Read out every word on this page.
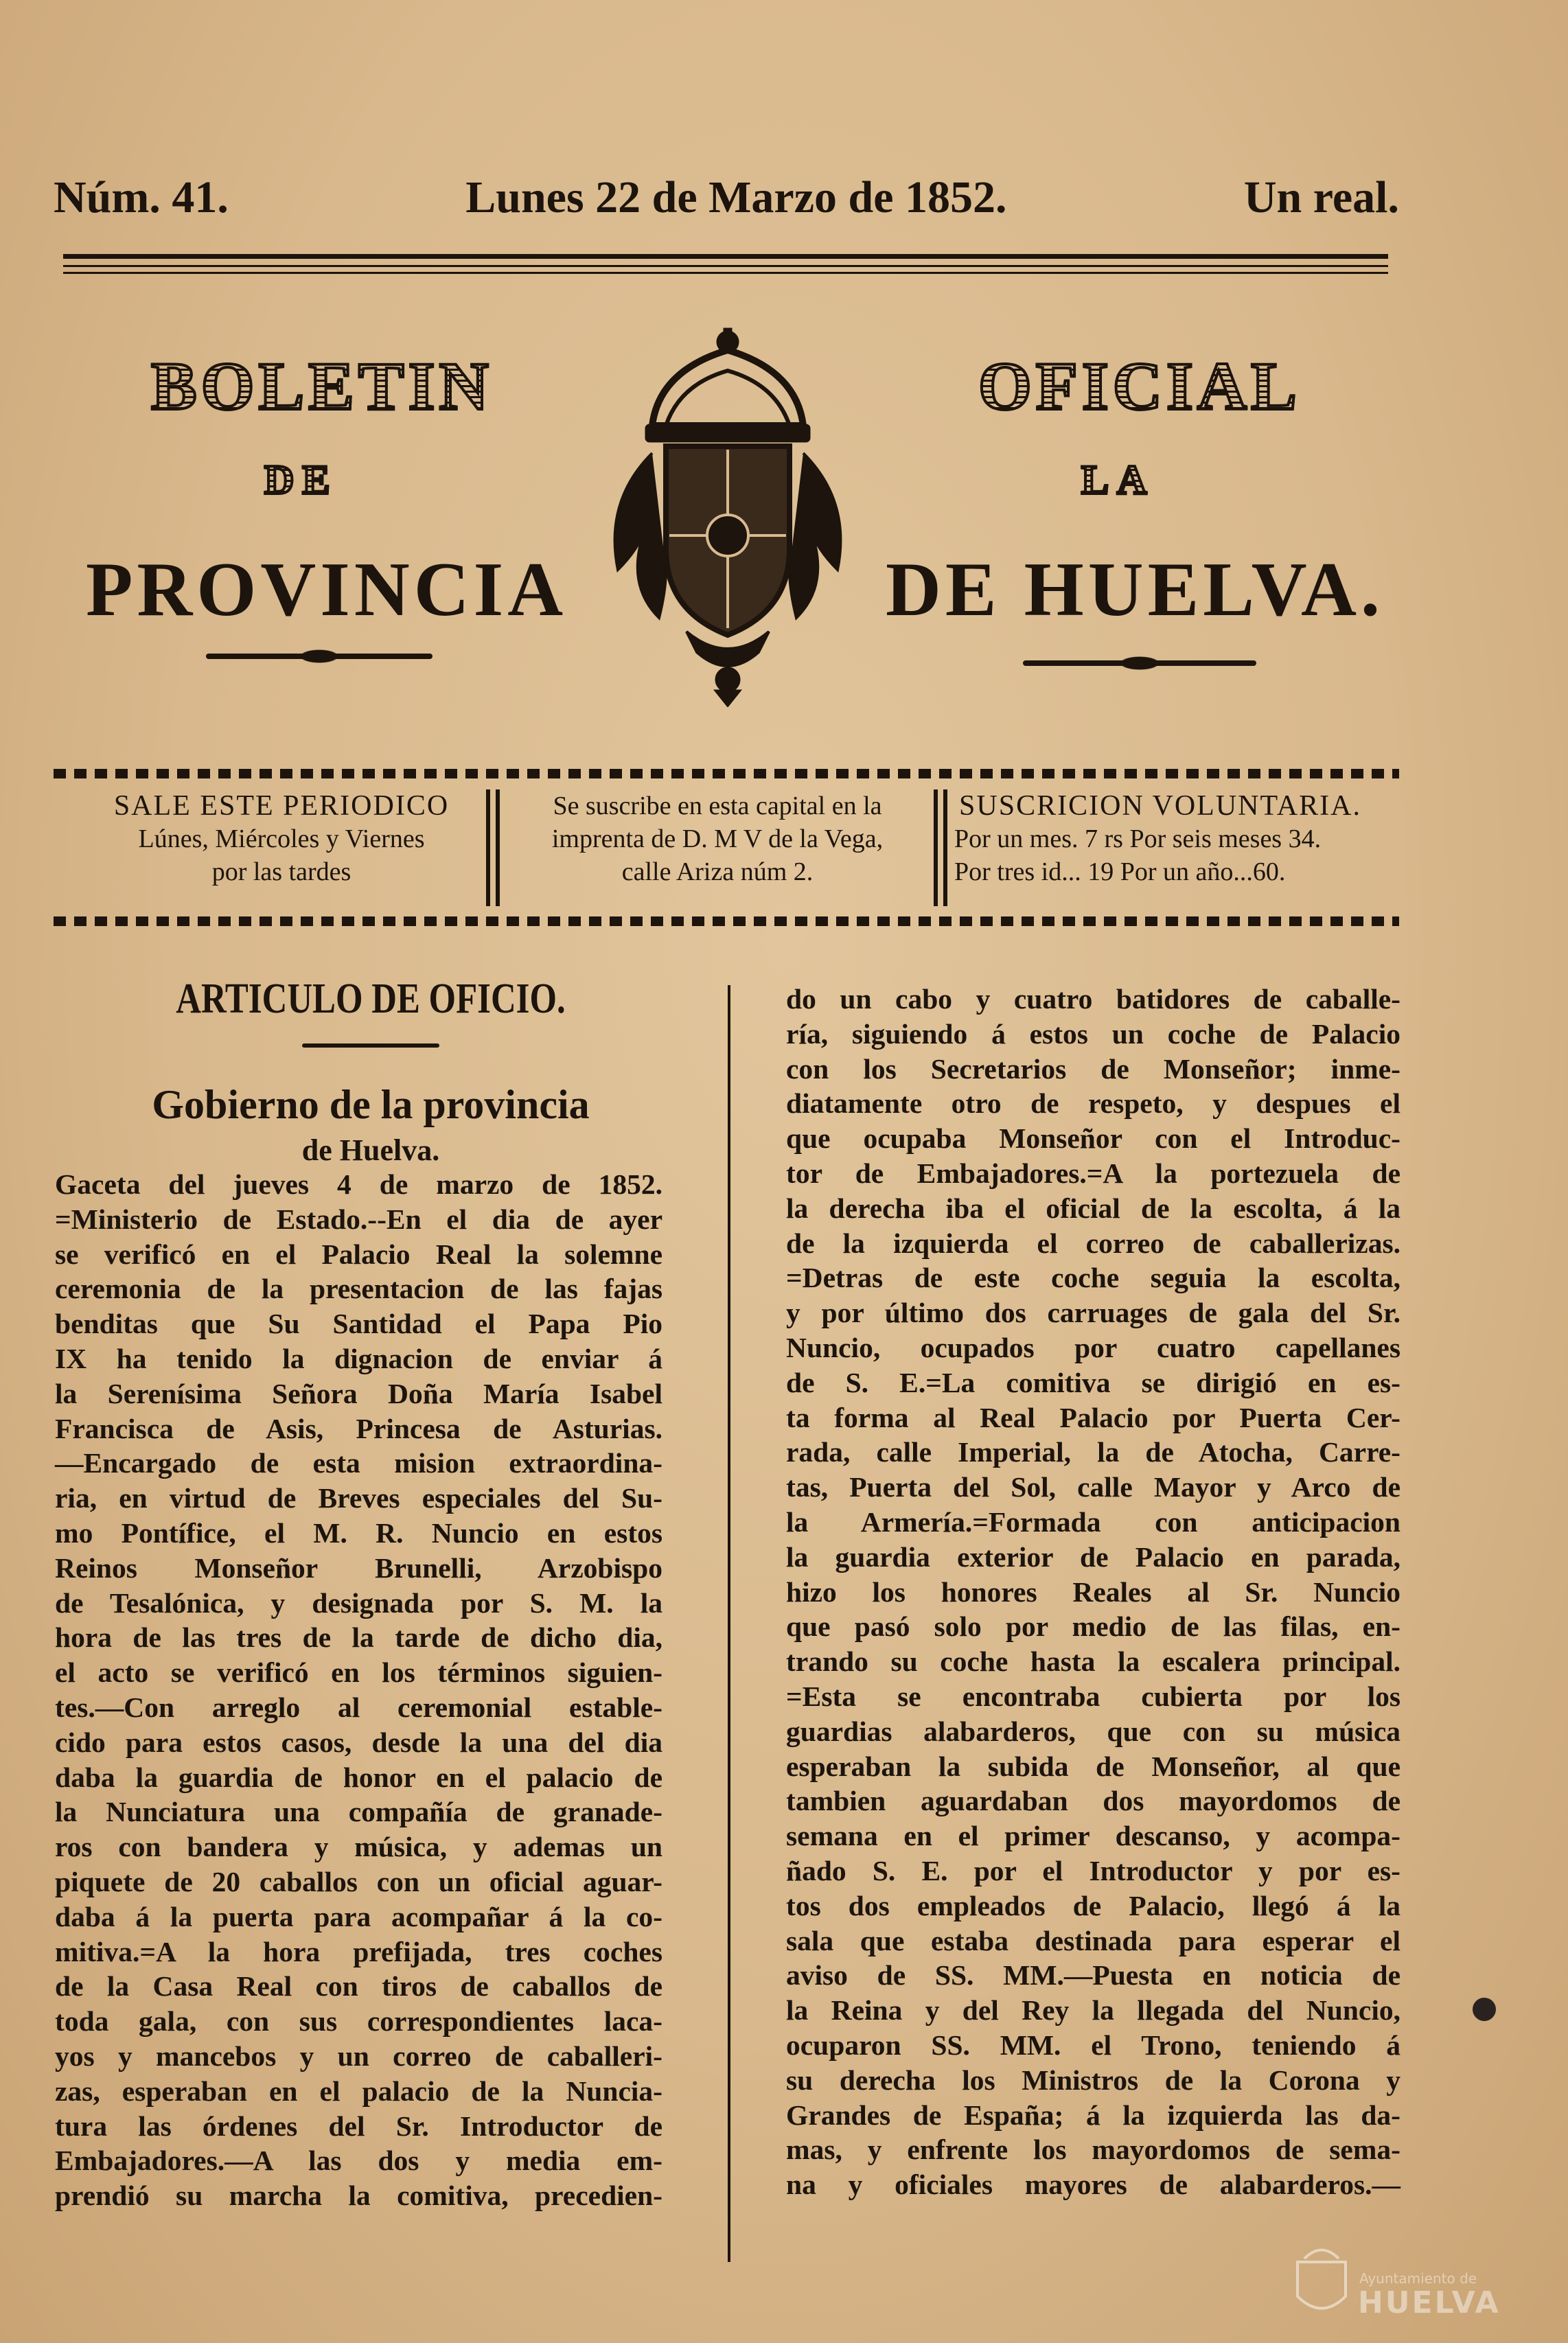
Núm. 41.	Lunes 22 de Marzo de 1852.	Un real.
BOLETIN	OFICIAL
DE	LA
PROVINCIA	DE HUELVA.
SALE ESTE PERIODICO
Lúnes, Miércoles y Viernes
por las tardes
Se suscribe en esta capital en la
imprenta de D. M V de la Vega,
calle Ariza núm 2.
SUSCRICION VOLUNTARIA.
Por un mes. 7 rs Por seis meses 34.
Por tres id... 19 Por un año...60.
ARTICULO DE OFICIO.
Gobierno de la provincia
de Huelva.

Gaceta del jueves 4 de marzo de 1852.

=Ministerio de Estado.--En el dia de ayer

se verificó en el Palacio Real la solemne

ceremonia de la presentacion de las fajas

benditas que Su Santidad el Papa Pio

IX ha tenido la dignacion de enviar á

la Serenísima Señora Doña María Isabel

Francisca de Asis, Princesa de Asturias.

—Encargado de esta mision extraordina-

ria, en virtud de Breves especiales del Su-

mo Pontífice, el M. R. Nuncio en estos

Reinos Monseñor Brunelli, Arzobispo

de Tesalónica, y designada por S. M. la

hora de las tres de la tarde de dicho dia,

el acto se verificó en los términos siguien-

tes.—Con arreglo al ceremonial estable-

cido para estos casos, desde la una del dia

daba la guardia de honor en el palacio de

la Nunciatura una compañía de granade-

ros con bandera y música, y ademas un

piquete de 20 caballos con un oficial aguar-

daba á la puerta para acompañar á la co-

mitiva.=A la hora prefijada, tres coches

de la Casa Real con tiros de caballos de

toda gala, con sus correspondientes laca-

yos y mancebos y un correo de caballeri-

zas, esperaban en el palacio de la Nuncia-

tura las órdenes del Sr. Introductor de

Embajadores.—A las dos y media em-

prendió su marcha la comitiva, precedien-

do un cabo y cuatro batidores de caballe-

ría, siguiendo á estos un coche de Palacio

con los Secretarios de Monseñor; inme-

diatamente otro de respeto, y despues el

que ocupaba Monseñor con el Introduc-

tor de Embajadores.=A la portezuela de

la derecha iba el oficial de la escolta, á la

de la izquierda el correo de caballerizas.

=Detras de este coche seguia la escolta,

y por último dos carruages de gala del Sr.

Nuncio, ocupados por cuatro capellanes

de S. E.=La comitiva se dirigió en es-

ta forma al Real Palacio por Puerta Cer-

rada, calle Imperial, la de Atocha, Carre-

tas, Puerta del Sol, calle Mayor y Arco de

la Armería.=Formada con anticipacion

la guardia exterior de Palacio en parada,

hizo los honores Reales al Sr. Nuncio

que pasó solo por medio de las filas, en-

trando su coche hasta la escalera principal.

=Esta se encontraba cubierta por los

guardias alabarderos, que con su música

esperaban la subida de Monseñor, al que

tambien aguardaban dos mayordomos de

semana en el primer descanso, y acompa-

ñado S. E. por el Introductor y por es-

tos dos empleados de Palacio, llegó á la

sala que estaba destinada para esperar el

aviso de SS. MM.—Puesta en noticia de

la Reina y del Rey la llegada del Nuncio,

ocuparon SS. MM. el Trono, teniendo á

su derecha los Ministros de la Corona y

Grandes de España; á la izquierda las da-

mas, y enfrente los mayordomos de sema-

na y oficiales mayores de alabarderos.—

Ayuntamiento de
HUELVA
